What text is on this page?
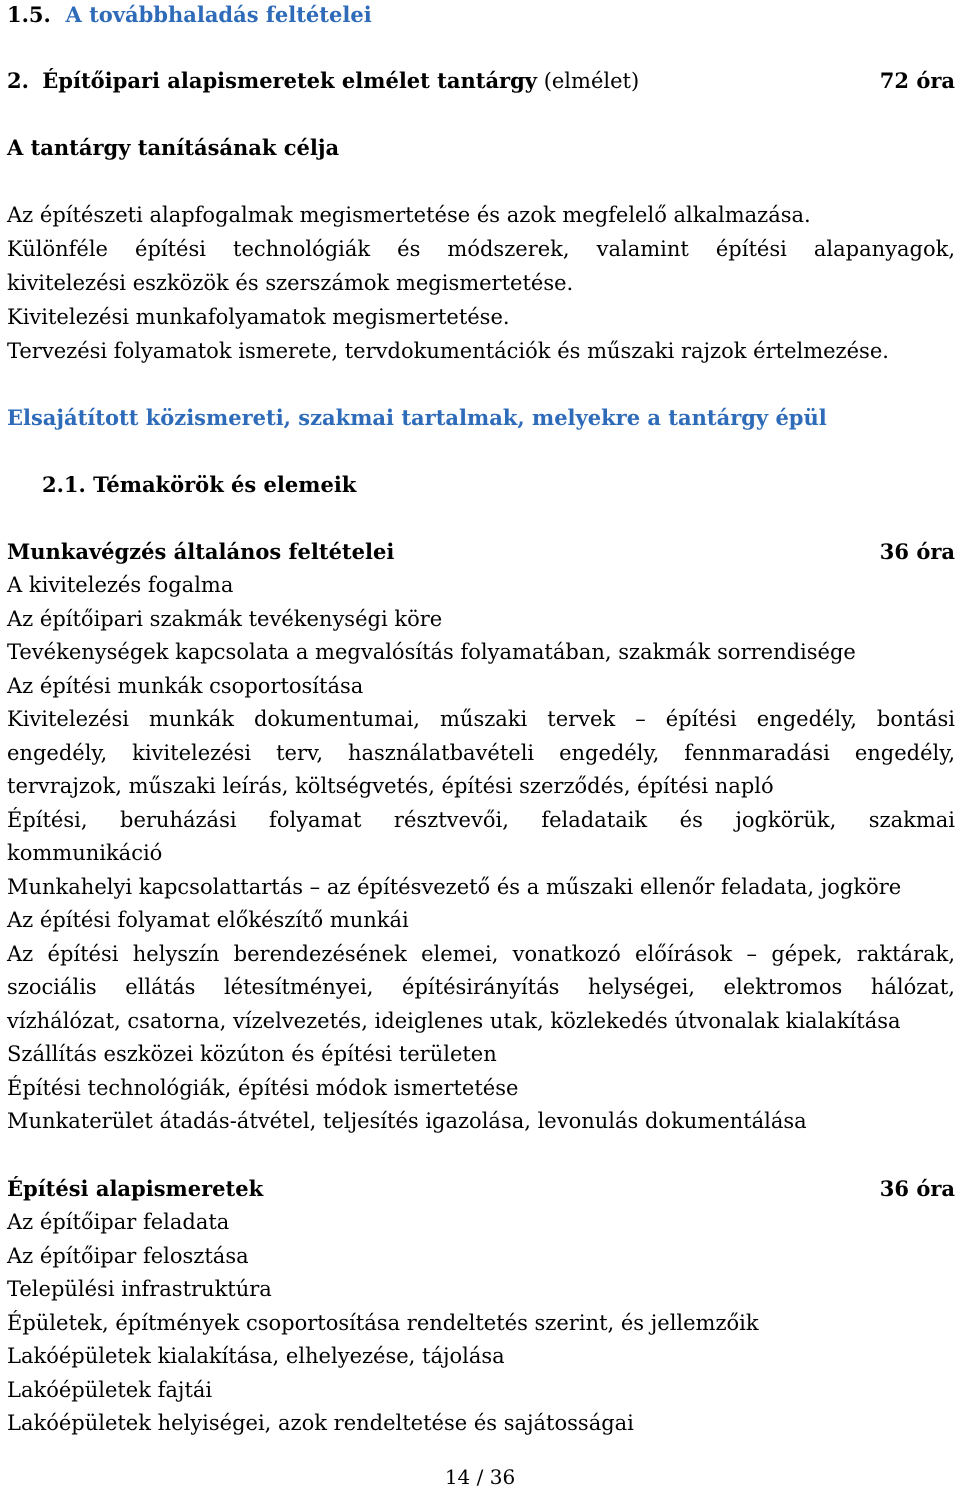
1.5. A továbbhaladás feltételei
2. Építőipari alapismeretek elmélet tantárgy (elmélet)	72 óra
A tantárgy tanításának célja
Az építészeti alapfogalmak megismertetése és azok megfelelő alkalmazása.
Különféle építési technológiák és módszerek, valamint építési alapanyagok,
kivitelezési eszközök és szerszámok megismertetése.
Kivitelezési munkafolyamatok megismertetése.
Tervezési folyamatok ismerete, tervdokumentációk és műszaki rajzok értelmezése.
Elsajátított közismereti, szakmai tartalmak, melyekre a tantárgy épül
2.1. Témakörök és elemeik
Munkavégzés általános feltételei	36 óra
A kivitelezés fogalma
Az építőipari szakmák tevékenységi köre
Tevékenységek kapcsolata a megvalósítás folyamatában, szakmák sorrendisége
Az építési munkák csoportosítása
Kivitelezési munkák dokumentumai, műszaki tervek – építési engedély, bontási
engedély, kivitelezési terv, használatbavételi engedély, fennmaradási engedély,
tervrajzok, műszaki leírás, költségvetés, építési szerződés, építési napló
Építési, beruházási folyamat résztvevői, feladataik és jogkörük, szakmai
kommunikáció
Munkahelyi kapcsolattartás – az építésvezető és a műszaki ellenőr feladata, jogköre
Az építési folyamat előkészítő munkái
Az építési helyszín berendezésének elemei, vonatkozó előírások – gépek, raktárak,
szociális ellátás létesítményei, építésirányítás helységei, elektromos hálózat,
vízhálózat, csatorna, vízelvezetés, ideiglenes utak, közlekedés útvonalak kialakítása
Szállítás eszközei közúton és építési területen
Építési technológiák, építési módok ismertetése
Munkaterület átadás-átvétel, teljesítés igazolása, levonulás dokumentálása
Építési alapismeretek	36 óra
Az építőipar feladata
Az építőipar felosztása
Települési infrastruktúra
Épületek, építmények csoportosítása rendeltetés szerint, és jellemzőik
Lakóépületek kialakítása, elhelyezése, tájolása
Lakóépületek fajtái
Lakóépületek helyiségei, azok rendeltetése és sajátosságai
14 / 36
